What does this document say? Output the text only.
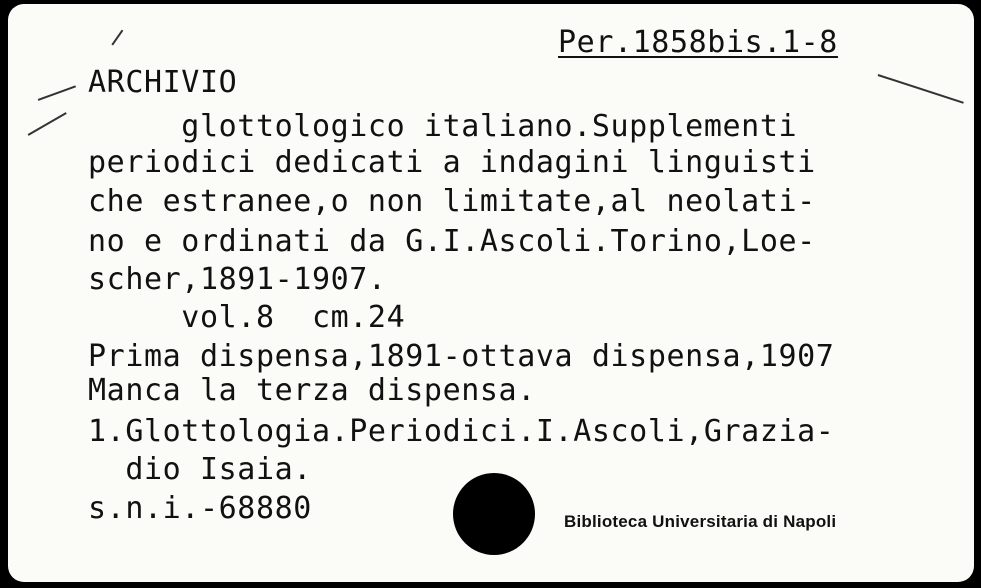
Per.1858bis.1-8
ARCHIVIO
glottologico italiano.Supplementi
periodici dedicati a indagini linguisti
che estranee,o non limitate,al neolati-
no e ordinati da G.I.Ascoli.Torino,Loe-
scher,1891-1907.
vol.8  cm.24
Prima dispensa,1891-ottava dispensa,1907
Manca la terza dispensa.
1.Glottologia.Periodici.I.Ascoli,Grazia-
dio Isaia.
s.n.i.-68880	Biblioteca Universitaria di Napoli
